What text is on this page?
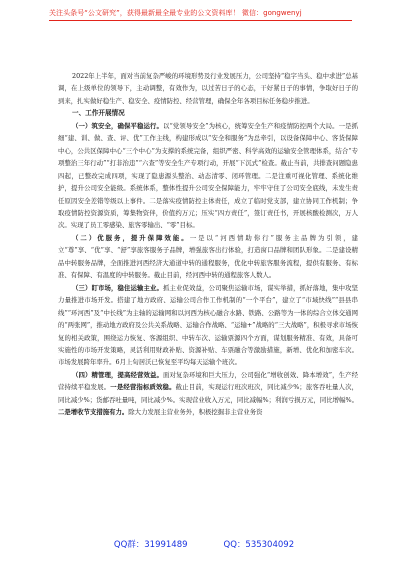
关注头条号“公文研究”，获得最新最全最专业的公文资料库！ 微信：gongwenyj

2022年上半年，面对当前复杂严峻的环境形势及行业发展压力，公司坚持“稳字当头、稳中求进”总基调，在上级单位的领导下，主动调整，有效作为，以过苦日子的心态，干好紧日子的事情，争取好日子的到来，扎实做好稳生产、稳安全、疫情防控、经营管理，确保全年各项目标任务稳步推进。

一、工作开展情况

（一）筑安全，确保平稳运行。以“党领导安全”为核心，统筹安全生产和疫情防控两个大局。一是抓细“建、训、做、查、评、优”工作主线，构建形成以“安全和服务”为总牵引，以设备保障中心、客货保障中心，公共区保障中心“三个中心”为支撑的系统完备，组织严密、科学高效的运输安全管理体系，结合“专项整治三年行动”“打非治违”“六查”等安全生产专项行动，开展“下沉式”检查。截止当前，共排查问题隐患四起，已整改完成四项，实现了隐患源头整治、动态清零、闭环管理。二是注重可视化管理、系统化维护，提升公司安全能级。系统体系，整体性提升公司安全保障能力，牢牢守住了公司安全底线，未发生责任原因安全差错等级以上事件。二是落实疫情防控主体责任，成立了临时党支部，建立协同工作机制；争取疫情防控资源资质，筹集物资伴，价值约万元；压实“四方责任”，签订责任书，开展核酸检测次，万人次。实现了员工零感染、旅客零输出、“零”目标。

（二）优服务，提升保障效能。一是以“河西情助你行”服务主品牌为引领，建立“尊”享、“优”享、“舒”享旅客服务子品牌，增强旅客出行体验，打造窗口品牌和团队形象。二是建设精品中转服务品牌，全面推进河西经济大通道中转的通程服务，优化中转旅客服务流程，提供有服务、有标准、有保障、有温度的中转服务。截止目前，经河西中转的通程旅客人数人。

（三）盯市场，稳住运输主业。抓主业促效益，公司聚焦运输市场，谋实举措，抓好落地，集中攻坚力量推进市场开发。搭建了地方政府、运输公司合作工作机制的“一个平台”，建立了“市域快线”“县县串线”“环河西”及“中长线”为主轴的运输网和以河西为核心融合水路、铁路、公路等为一体的综合立体交通网的“两张网”，推动地方政府及公共关系战略、运输合作战略、“运输+”战略的“三大战略”，积极寻求市场恢复的相关政策，围绕运力恢复、客源组织、中转车次、运输票源四个方面，谋划服务精准、有效，具备可实施性的市场开发策略，灵活利用财政补贴、资源补贴、车票融合等激励措施，新增、优化和加密车次。市场发展跨年率升。6月上旬居沃已恢复至平均每天运输个班次。

（四）精管理，提高经营效益。面对复杂环境和巨大压力，公司强化“增收创效、降本增效”，生产经营持续平稳发展。一是经营指标质效稳。截止目前，实现运行班次班次，同比减少%；旅客吞吐量人次，同比减少%；货邮吞吐量吨，同比减少%。实现营业收入万元，同比减幅%；利润亏损万元，同比增幅%。二是增收节支措施有力。除大力发展主营业务外，积极挖掘非主营业务资

QQ群：31991489	QQ：535304092
